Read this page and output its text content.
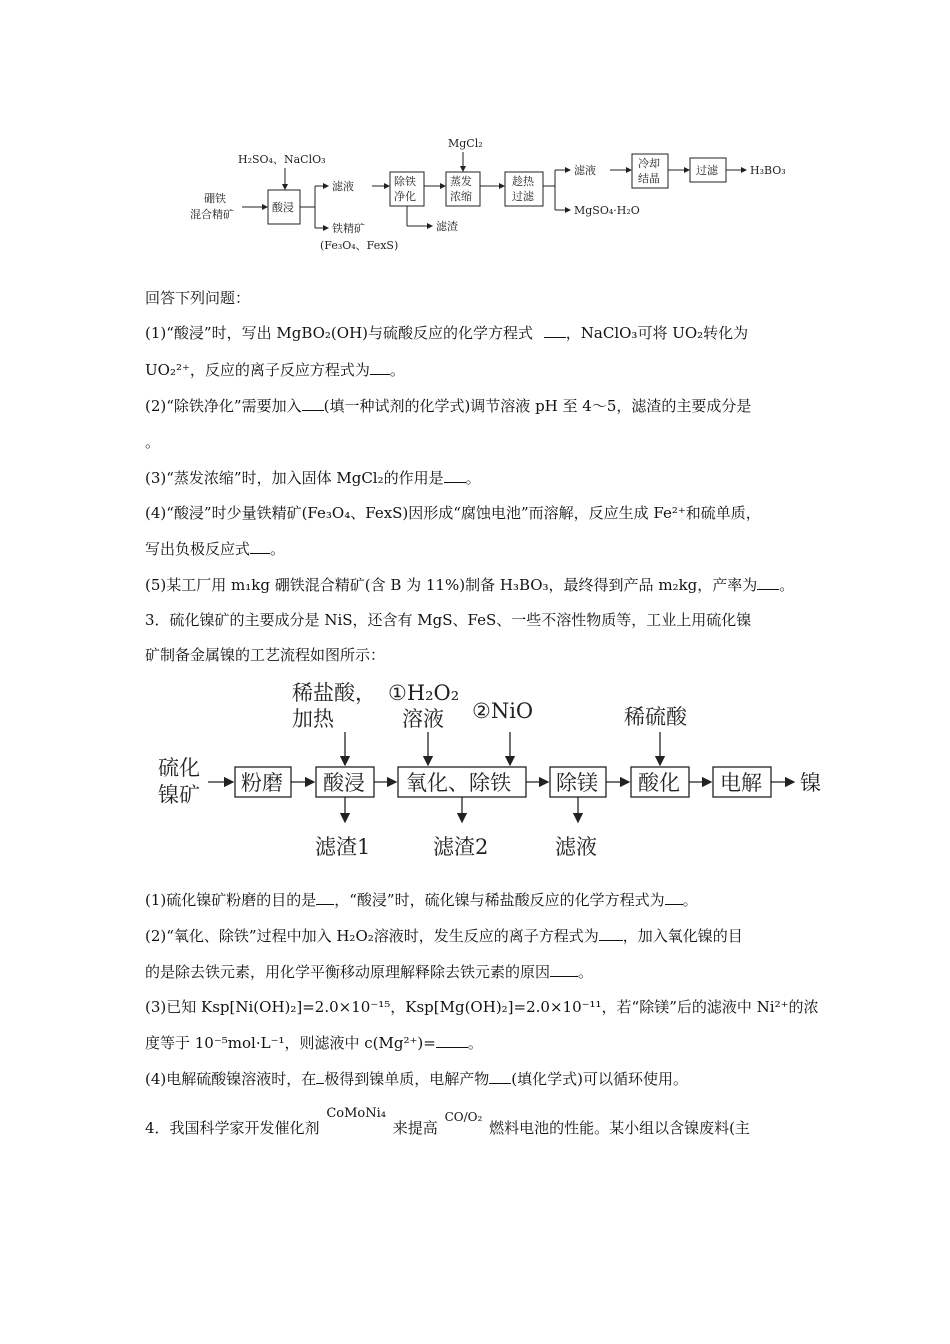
H₂SO₄、NaClO₃
硼铁
混合精矿
酸浸
滤液
铁精矿
(Fe₃O₄、FexS)
除铁
净化
滤渣
MgCl₂
蒸发
浓缩
趁热
过滤
滤液
MgSO₄·H₂O
冷却
结晶
过滤	H₃BO₃
回答下列问题：
(1)“酸浸”时，写出 MgBO₂(OH)与硫酸反应的化学方程式 ，NaClO₃可将 UO₂转化为
UO₂²⁺，反应的离子反应方程式为 。
(2)“除铁净化”需要加入 (填一种试剂的化学式)调节溶液 pH 至 4～5，滤渣的主要成分是
。
(3)“蒸发浓缩”时，加入固体 MgCl₂的作用是 。
(4)“酸浸”时少量铁精矿(Fe₃O₄、FexS)因形成“腐蚀电池”而溶解，反应生成 Fe²⁺和硫单质，
写出负极反应式 。
(5)某工厂用 m₁kg 硼铁混合精矿(含 B 为 11%)制备 H₃BO₃，最终得到产品 m₂kg，产率为 。
3．硫化镍矿的主要成分是 NiS，还含有 MgS、FeS、一些不溶性物质等，工业上用硫化镍
矿制备金属镍的工艺流程如图所示：
硫化
镍矿 粉磨 酸浸 氧化、除铁 除镁 酸化 电解 镍
稀盐酸，
加热
①H₂O₂
溶液 ②NiO	稀硫酸
滤渣1	滤渣2	滤液
(1)硫化镍矿粉磨的目的是 ，“酸浸”时，硫化镍与稀盐酸反应的化学方程式为 。
(2)“氧化、除铁”过程中加入 H₂O₂溶液时，发生反应的离子方程式为 ，加入氧化镍的目
的是除去铁元素，用化学平衡移动原理解释除去铁元素的原因 。
(3)已知 Ksp[Ni(OH)₂]=2.0×10⁻¹⁵，Ksp[Mg(OH)₂]=2.0×10⁻¹¹，若“除镁”后的滤液中 Ni²⁺的浓
度等于 10⁻⁵mol·L⁻¹，则滤液中 c(Mg²⁺)= 。
(4)电解硫酸镍溶液时，在 极得到镍单质，电解产物 (填化学式)可以循环使用。
4．我国科学家开发催化剂 CoMoNi₄ 来提高 $^{CO/O_2}$ 燃料电池的性能。某小组以含镍废料(主
